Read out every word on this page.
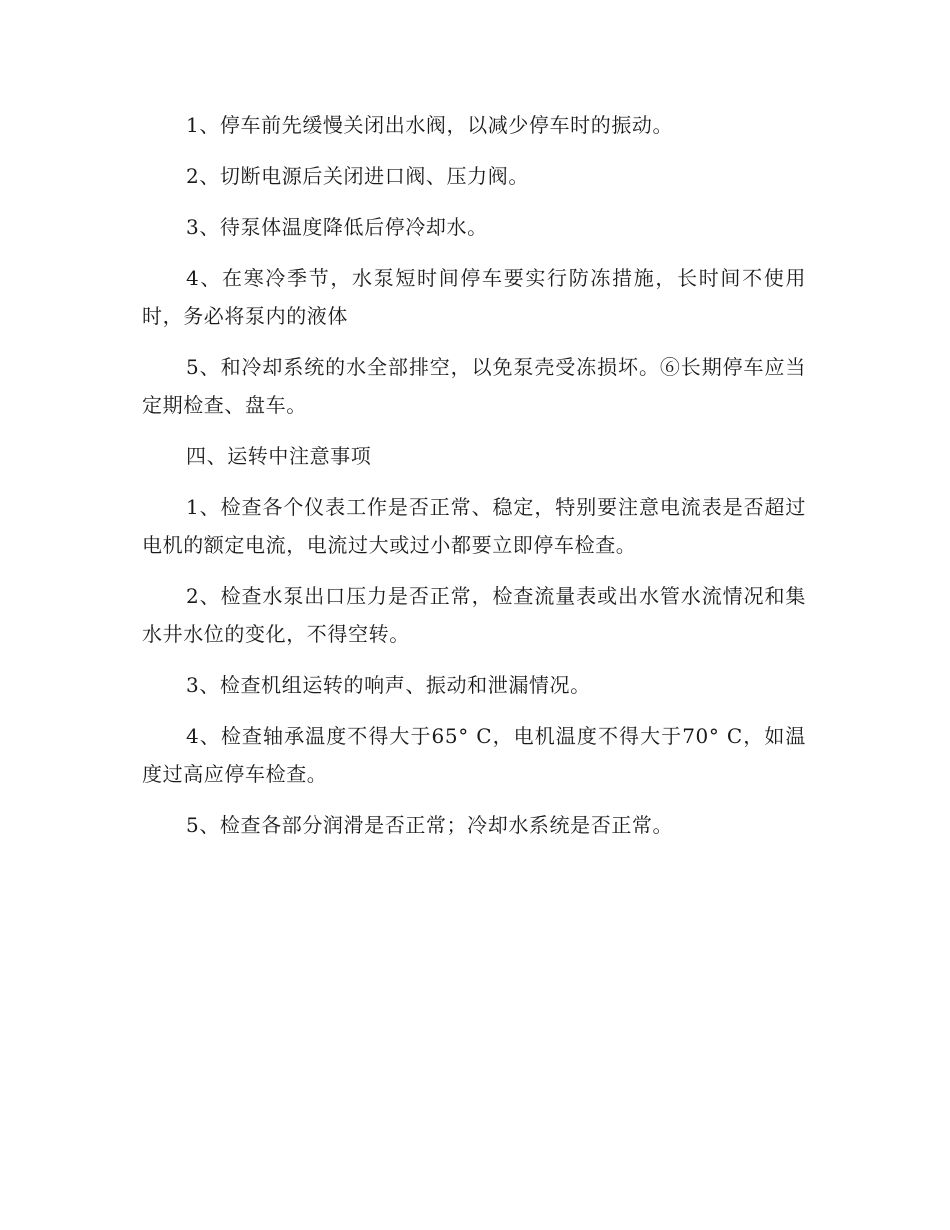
1、停车前先缓慢关闭出水阀，以减少停车时的振动。

2、切断电源后关闭进口阀、压力阀。

3、待泵体温度降低后停冷却水。

4、在寒冷季节，水泵短时间停车要实行防冻措施，长时间不使用时，务必将泵内的液体

5、和冷却系统的水全部排空，以免泵壳受冻损坏。⑥长期停车应当定期检查、盘车。

四、运转中注意事项

1、检查各个仪表工作是否正常、稳定，特别要注意电流表是否超过电机的额定电流，电流过大或过小都要立即停车检查。

2、检查水泵出口压力是否正常，检查流量表或出水管水流情况和集水井水位的变化，不得空转。

3、检查机组运转的响声、振动和泄漏情况。

4、检查轴承温度不得大于65° C，电机温度不得大于70° C，如温度过高应停车检查。

5、检查各部分润滑是否正常；冷却水系统是否正常。
